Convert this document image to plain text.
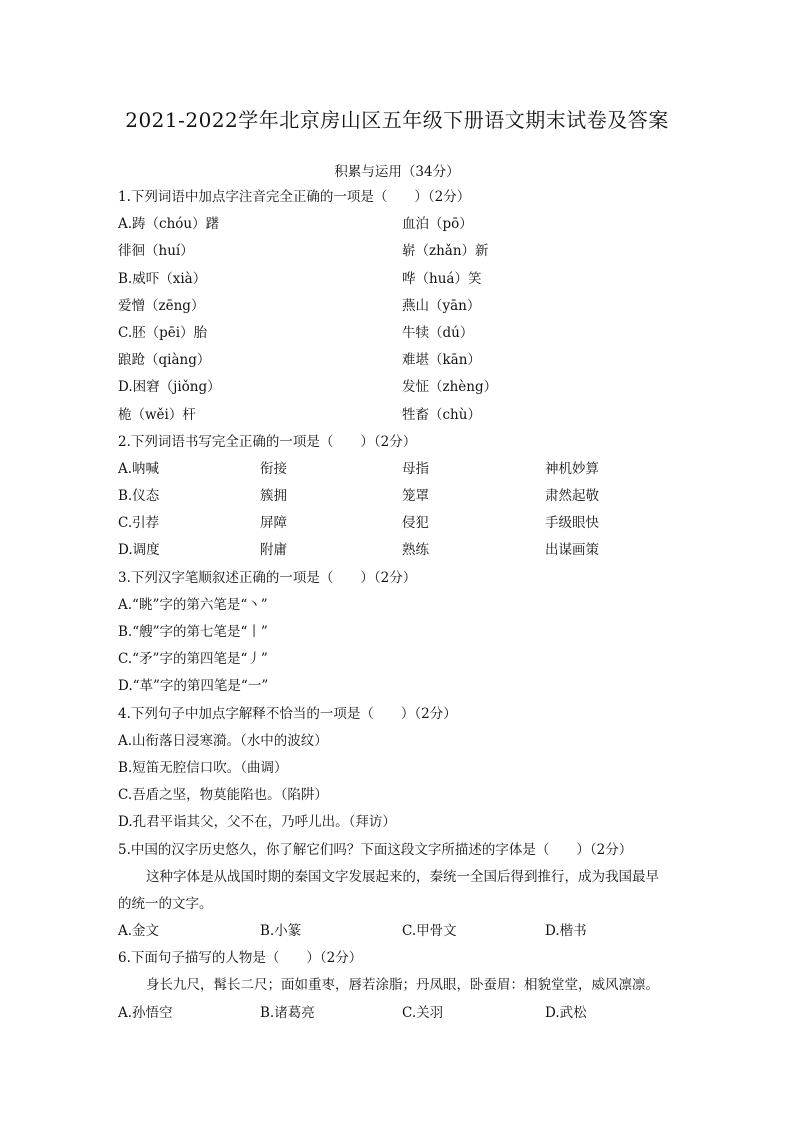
2021-2022学年北京房山区五年级下册语文期末试卷及答案
积累与运用（34分）
1.下列词语中加点字注音完全正确的一项是（　　）（2分）
A.踌（chóu）躇	血泊（pō）
徘徊（huí）	崭（zhǎn）新
B.威吓（xià）	哗（huá）笑
爱憎（zēng）	燕山（yān）
C.胚（pēi）胎	牛犊（dú）
踉跄（qiàng）	难堪（kān）
D.困窘（jiǒng）	发怔（zhèng）
桅（wěi）杆	牲畜（chù）
2.下列词语书写完全正确的一项是（　　）（2分）
A.呐喊	衔接	母指	神机妙算
B.仪态	簇拥	笼罩	肃然起敬
C.引荐	屏障	侵犯	手级眼快
D.调度	附庸	熟练	出谋画策
3.下列汉字笔顺叙述正确的一项是（　　）（2分）
A.“眺”字的第六笔是“丶”
B.“艘”字的第七笔是“丨”
C.“矛”字的第四笔是“丿”
D.“革”字的第四笔是“一”
4.下列句子中加点字解释不恰当的一项是（　　）（2分）
A.山衔落日浸寒漪。（水中的波纹）
B.短笛无腔信口吹。（曲调）
C.吾盾之坚，物莫能陷也。（陷阱）
D.孔君平诣其父，父不在，乃呼儿出。（拜访）
5.中国的汉字历史悠久，你了解它们吗？下面这段文字所描述的字体是（　　）（2分）
这种字体是从战国时期的秦国文字发展起来的，秦统一全国后得到推行，成为我国最早
的统一的文字。
A.金文	B.小篆	C.甲骨文	D.楷书
6.下面句子描写的人物是（　　）（2分）
身长九尺，髯长二尺；面如重枣，唇若涂脂；丹凤眼，卧蚕眉：相貌堂堂，威风凛凛。
A.孙悟空	B.诸葛亮	C.关羽	D.武松
